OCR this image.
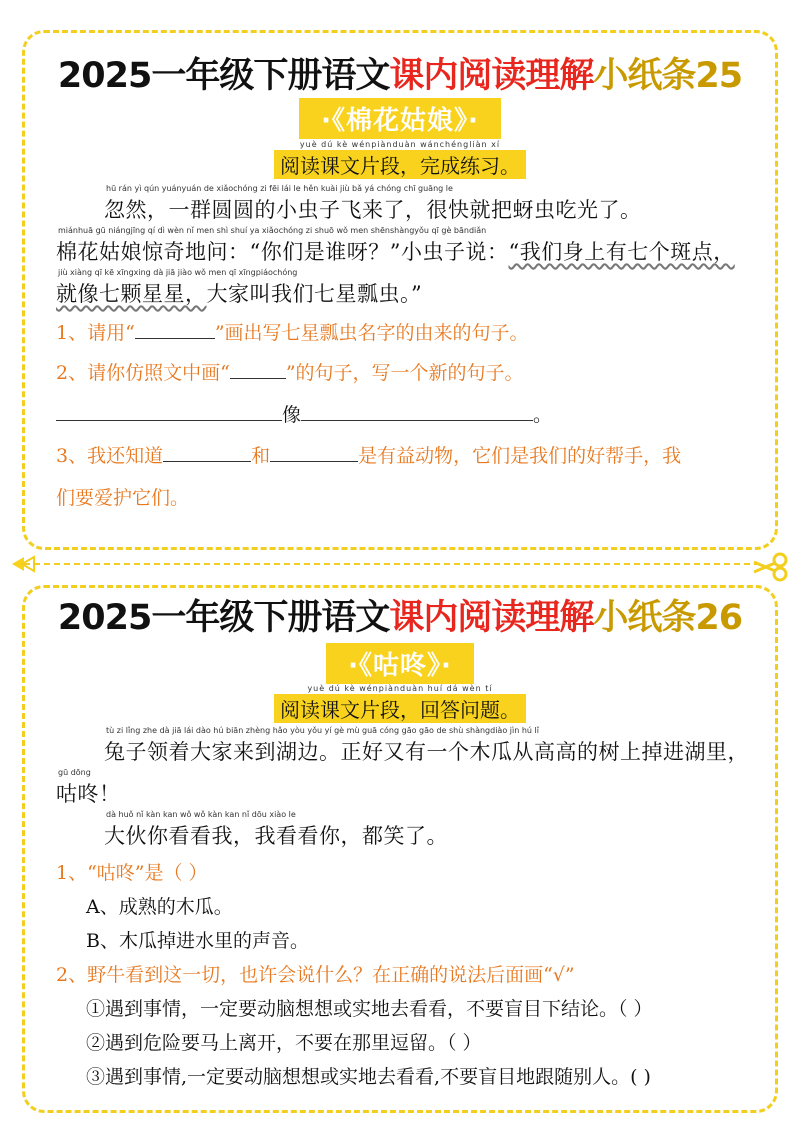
2025一年级下册语文课内阅读理解小纸条25
·《棉花姑娘》·
yuè dú kè wénpiànduàn wánchéngliàn xí
阅读课文片段，完成练习。
hū rán yì qún yuányuán de xiǎochóng zi fēi lái le hěn kuài jiù bǎ yá chóng chī guāng le
忽然，一群圆圆的小虫子飞来了，很快就把蚜虫吃光了。
miánhuā gū niángjīng qí dì wèn nǐ men shì shuí ya xiǎochóng zi shuō wǒ men shēnshàngyǒu qī gè bāndiǎn
棉花姑娘惊奇地问：“你们是谁呀？”小虫子说：“我们身上有七个斑点，
jiù xiàng qī kē xīngxing dà jiā jiào wǒ men qī xīngpiáochóng
就像七颗星星，大家叫我们七星瓢虫。”
1、请用“	”画出写七星瓢虫名字的由来的句子。
2、请你仿照文中画“	”的句子，写一个新的句子。
像	。
3、我还知道	和	是有益动物，它们是我们的好帮手，我
们要爱护它们。
2025一年级下册语文课内阅读理解小纸条26
·《咕咚》·
yuè dú kè wénpiànduàn huí dá wèn tí
阅读课文片段，回答问题。
tù zi lǐng zhe dà jiā lái dào hú biān zhèng hǎo yòu yǒu yí gè mù guā cóng gāo gāo de shù shàngdiào jìn hú lǐ
兔子领着大家来到湖边。正好又有一个木瓜从高高的树上掉进湖里，
gū dōng
咕咚！
dà huǒ nǐ kàn kan wǒ wǒ kàn kan nǐ dōu xiào le
大伙你看看我，我看看你，都笑了。
1、“咕咚”是（ ）
A、成熟的木瓜。
B、木瓜掉进水里的声音。
2、野牛看到这一切，也许会说什么？在正确的说法后面画“√”
①遇到事情，一定要动脑想想或实地去看看，不要盲目下结论。（ ）
②遇到危险要马上离开，不要在那里逗留。（ ）
③遇到事情,一定要动脑想想或实地去看看,不要盲目地跟随别人。( )
